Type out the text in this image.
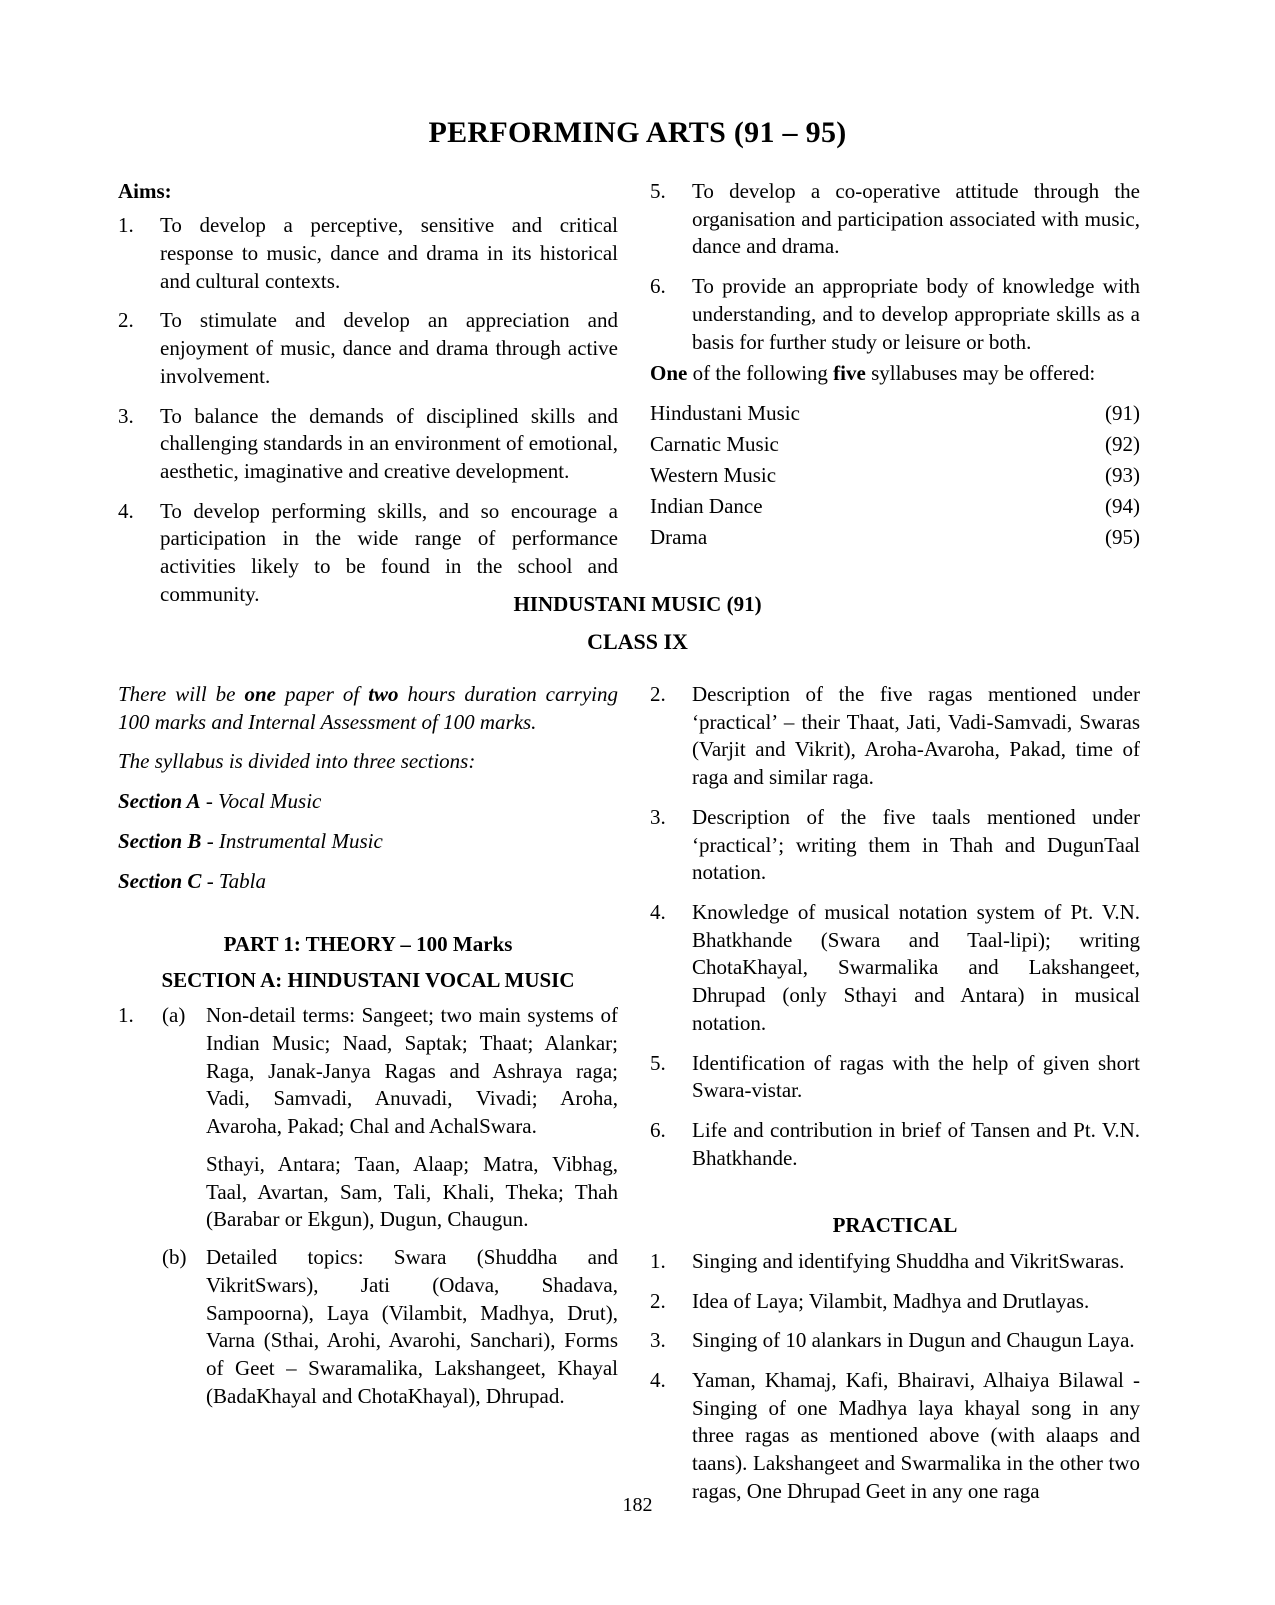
PERFORMING ARTS (91 – 95)
Aims:
1.	To develop a perceptive, sensitive and critical response to music, dance and drama in its historical and cultural contexts.
2.	To stimulate and develop an appreciation and enjoyment of music, dance and drama through active involvement.
3.	To balance the demands of disciplined skills and challenging standards in an environment of emotional, aesthetic, imaginative and creative development.
4.	To develop performing skills, and so encourage a participation in the wide range of performance activities likely to be found in the school and community.
5.	To develop a co-operative attitude through the organisation and participation associated with music, dance and drama.
6.	To provide an appropriate body of knowledge with understanding, and to develop appropriate skills as a basis for further study or leisure or both.
One of the following five syllabuses may be offered:
Hindustani Music	(91)
Carnatic Music	(92)
Western Music	(93)
Indian Dance	(94)
Drama	(95)
HINDUSTANI MUSIC (91)
CLASS IX

There will be one paper of two hours duration carrying 100 marks and Internal Assessment of 100 marks.

The syllabus is divided into three sections:

Section A - Vocal Music

Section B - Instrumental Music

Section C - Tabla

PART 1: THEORY – 100 Marks
SECTION A: HINDUSTANI VOCAL MUSIC
1. (a) Non-detail terms: Sangeet; two main systems of Indian Music; Naad, Saptak; Thaat; Alankar; Raga, Janak-Janya Ragas and Ashraya raga; Vadi, Samvadi, Anuvadi, Vivadi; Aroha, Avaroha, Pakad; Chal and AchalSwara.
Sthayi, Antara; Taan, Alaap; Matra, Vibhag, Taal, Avartan, Sam, Tali, Khali, Theka; Thah (Barabar or Ekgun), Dugun, Chaugun.
(b) Detailed topics: Swara (Shuddha and VikritSwars), Jati (Odava, Shadava, Sampoorna), Laya (Vilambit, Madhya, Drut), Varna (Sthai, Arohi, Avarohi, Sanchari), Forms of Geet – Swaramalika, Lakshangeet, Khayal (BadaKhayal and ChotaKhayal), Dhrupad.
2.	Description of the five ragas mentioned under ‘practical’ – their Thaat, Jati, Vadi-Samvadi, Swaras (Varjit and Vikrit), Aroha-Avaroha, Pakad, time of raga and similar raga.
3.	Description of the five taals mentioned under ‘practical’; writing them in Thah and DugunTaal notation.
4.	Knowledge of musical notation system of Pt. V.N. Bhatkhande (Swara and Taal-lipi); writing ChotaKhayal, Swarmalika and Lakshangeet, Dhrupad (only Sthayi and Antara) in musical notation.
5.	Identification of ragas with the help of given short Swara-vistar.
6.	Life and contribution in brief of Tansen and Pt. V.N. Bhatkhande.
PRACTICAL
1.	Singing and identifying Shuddha and VikritSwaras.
2.	Idea of Laya; Vilambit, Madhya and Drutlayas.
3.	Singing of 10 alankars in Dugun and Chaugun Laya.
4.	Yaman, Khamaj, Kafi, Bhairavi, Alhaiya Bilawal - Singing of one Madhya laya khayal song in any three ragas as mentioned above (with alaaps and taans). Lakshangeet and Swarmalika in the other two ragas, One Dhrupad Geet in any one raga
182
